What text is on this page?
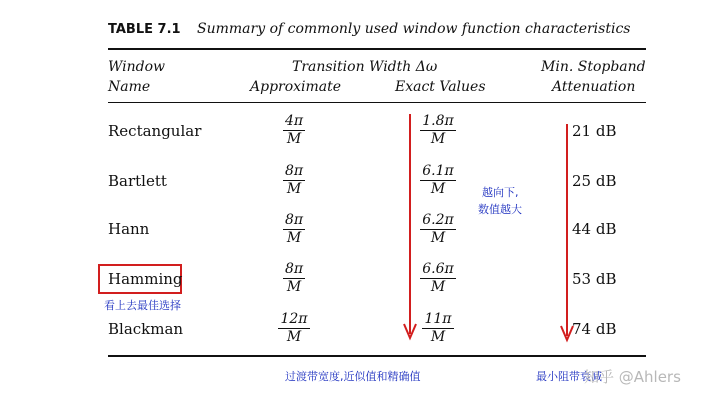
TABLE 7.1 Summary of commonly used window function characteristics
Window
Name
Transition Width Δω
Approximate	Exact Values
Min. Stopband
Attenuation
Rectangular	$\frac{4\pi}{M}$	$\frac{1.8\pi}{M}$	21 dB
Bartlett	$\frac{8\pi}{M}$	$\frac{6.1\pi}{M}$	25 dB
Hann	$\frac{8\pi}{M}$	$\frac{6.2\pi}{M}$	44 dB
Hamming	$\frac{8\pi}{M}$	$\frac{6.6\pi}{M}$	53 dB
Blackman	$\frac{12\pi}{M}$	$\frac{11\pi}{M}$	74 dB
越向下,
数值越大
看上去最佳选择
过渡带宽度,近似值和精确值	最小阻带衰减
知乎 @Ahlers
